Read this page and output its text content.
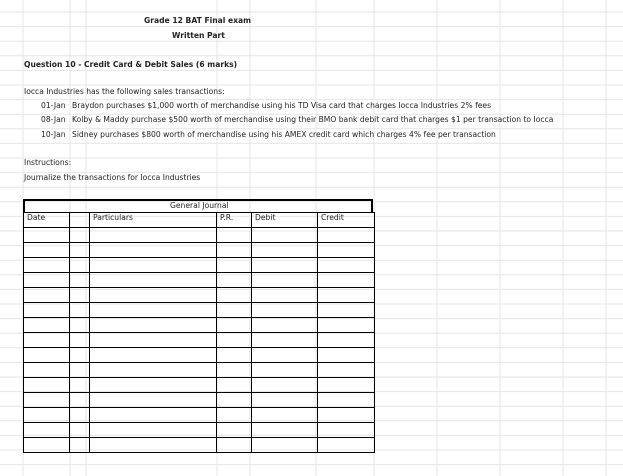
Grade 12 BAT Final exam
Written Part
Question 10 - Credit Card & Debit Sales (6 marks)
Iocca Industries has the following sales transactions:
01-Jan Braydon purchases $1,000 worth of merchandise using his TD Visa card that charges Iocca Industries 2% fees
08-Jan Kolby & Maddy purchase $500 worth of merchandise using their BMO bank debit card that charges $1 per transaction to Iocca
10-Jan Sidney purchases $800 worth of merchandise using his AMEX credit card which charges 4% fee per transaction
Instructions:
Journalize the transactions for Iocca Industries
General Journal
Date		Particulars	P.R.	Debit	Credit
